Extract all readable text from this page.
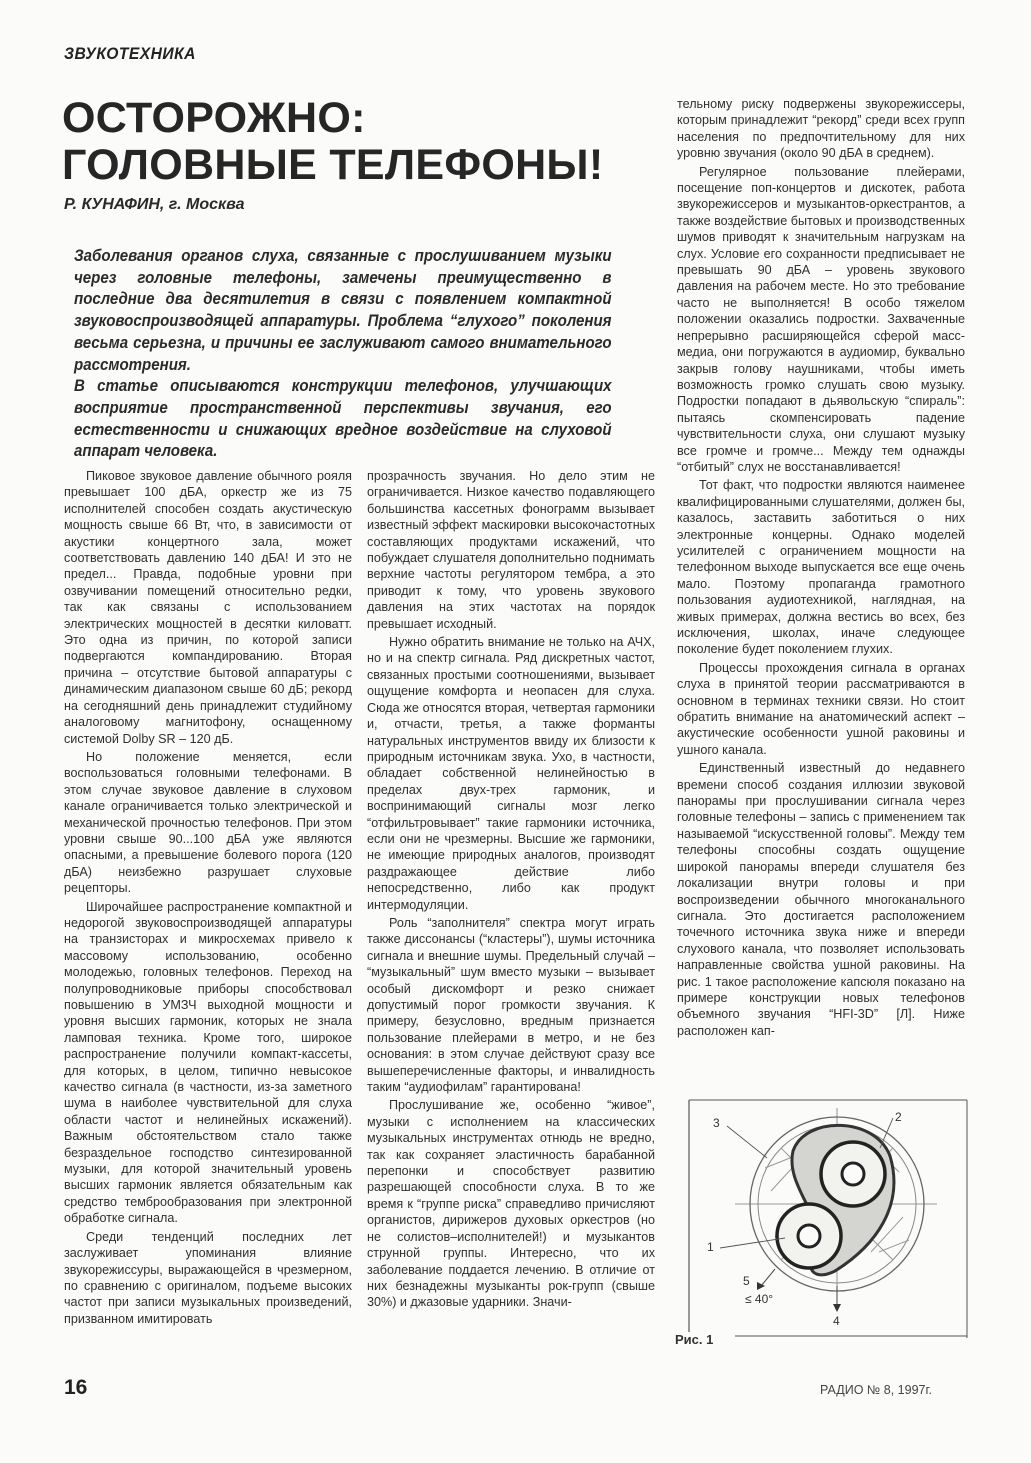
ЗВУКОТЕХНИКА
ОСТОРОЖНО:
ГОЛОВНЫЕ ТЕЛЕФОНЫ!
Р. КУНАФИН, г. Москва

Заболевания органов слуха, связанные с прослушиванием музыки через головные телефоны, замечены преимущественно в последние два десятилетия в связи с появлением компактной звуковоспроизводящей аппаратуры. Проблема “глухого” поколения весьма серьезна, и причины ее заслуживают самого внимательного рассмотрения.

В статье описываются конструкции телефонов, улучшающих восприятие пространственной перспективы звучания, его естественности и снижающих вредное воздействие на слуховой аппарат человека.

Пиковое звуковое давление обычного рояля превышает 100 дБА, оркестр же из 75 исполнителей способен создать акустическую мощность свыше 66 Вт, что, в зависимости от акустики концертного зала, может соответствовать давлению 140 дБА! И это не предел... Правда, подобные уровни при озвучивании помещений относительно редки, так как связаны с использованием электрических мощностей в десятки киловатт. Это одна из причин, по которой записи подвергаются компандированию. Вторая причина – отсутствие бытовой аппаратуры с динамическим диапазоном свыше 60 дБ; рекорд на сегодняшний день принадлежит студийному аналоговому магнитофону, оснащенному системой Dolby SR – 120 дБ.

Но положение меняется, если воспользоваться головными телефонами. В этом случае звуковое давление в слуховом канале ограничивается только электрической и механической прочностью телефонов. При этом уровни свыше 90...100 дБА уже являются опасными, а превышение болевого порога (120 дБА) неизбежно разрушает слуховые рецепторы.

Широчайшее распространение компактной и недорогой звуковоспроизводящей аппаратуры на транзисторах и микросхемах привело к массовому использованию, особенно молодежью, головных телефонов. Переход на полупроводниковые приборы способствовал повышению в УМЗЧ выходной мощности и уровня высших гармоник, которых не знала ламповая техника. Кроме того, широкое распространение получили компакт-кассеты, для которых, в целом, типично невысокое качество сигнала (в частности, из-за заметного шума в наиболее чувствительной для слуха области частот и нелинейных искажений). Важным обстоятельством стало также безраздельное господство синтезированной музыки, для которой значительный уровень высших гармоник является обязательным как средство темброобразования при электронной обработке сигнала.

Среди тенденций последних лет заслуживает упоминания влияние звукорежиссуры, выражающейся в чрезмерном, по сравнению с оригиналом, подъеме высоких частот при записи музыкальных произведений, призванном имитировать

прозрачность звучания. Но дело этим не ограничивается. Низкое качество подавляющего большинства кассетных фонограмм вызывает известный эффект маскировки высокочастотных составляющих продуктами искажений, что побуждает слушателя дополнительно поднимать верхние частоты регулятором тембра, а это приводит к тому, что уровень звукового давления на этих частотах на порядок превышает исходный.

Нужно обратить внимание не только на АЧХ, но и на спектр сигнала. Ряд дискретных частот, связанных простыми соотношениями, вызывает ощущение комфорта и неопасен для слуха. Сюда же относятся вторая, четвертая гармоники и, отчасти, третья, а также форманты натуральных инструментов ввиду их близости к природным источникам звука. Ухо, в частности, обладает собственной нелинейностью в пределах двух-трех гармоник, и воспринимающий сигналы мозг легко “отфильтровывает” такие гармоники источника, если они не чрезмерны. Высшие же гармоники, не имеющие природных аналогов, производят раздражающее действие либо непосредственно, либо как продукт интермодуляции.

Роль “заполнителя” спектра могут играть также диссонансы (“кластеры”), шумы источника сигнала и внешние шумы. Предельный случай – “музыкальный” шум вместо музыки – вызывает особый дискомфорт и резко снижает допустимый порог громкости звучания. К примеру, безусловно, вредным признается пользование плейерами в метро, и не без основания: в этом случае действуют сразу все вышеперечисленные факторы, и инвалидность таким “аудиофилам” гарантирована!

Прослушивание же, особенно “живое”, музыки с исполнением на классических музыкальных инструментах отнюдь не вредно, так как сохраняет эластичность барабанной перепонки и способствует развитию разрешающей способности слуха. В то же время к “группе риска” справедливо причисляют органистов, дирижеров духовых оркестров (но не солистов–исполнителей!) и музыкантов струнной группы. Интересно, что их заболевание поддается лечению. В отличие от них безнадежны музыканты рок-групп (свыше 30%) и джазовые ударники. Значи-

тельному риску подвержены звукорежиссеры, которым принадлежит “рекорд” среди всех групп населения по предпочтительному для них уровню звучания (около 90 дБА в среднем).

Регулярное пользование плейерами, посещение поп-концертов и дискотек, работа звукорежиссеров и музыкантов-оркестрантов, а также воздействие бытовых и производственных шумов приводят к значительным нагрузкам на слух. Условие его сохранности предписывает не превышать 90 дБА – уровень звукового давления на рабочем месте. Но это требование часто не выполняется! В особо тяжелом положении оказались подростки. Захваченные непрерывно расширяющейся сферой масс-медиа, они погружаются в аудиомир, буквально закрыв голову наушниками, чтобы иметь возможность громко слушать свою музыку. Подростки попадают в дьявольскую “спираль”: пытаясь скомпенсировать падение чувствительности слуха, они слушают музыку все громче и громче... Между тем однажды “отбитый” слух не восстанавливается!

Тот факт, что подростки являются наименее квалифицированными слушателями, должен бы, казалось, заставить заботиться о них электронные концерны. Однако моделей усилителей с ограничением мощности на телефонном выходе выпускается все еще очень мало. Поэтому пропаганда грамотного пользования аудиотехникой, наглядная, на живых примерах, должна вестись во всех, без исключения, школах, иначе следующее поколение будет поколением глухих.

Процессы прохождения сигнала в органах слуха в принятой теории рассматриваются в основном в терминах техники связи. Но стоит обратить внимание на анатомический аспект – акустические особенности ушной раковины и ушного канала.

Единственный известный до недавнего времени способ создания иллюзии звуковой панорамы при прослушивании сигнала через головные телефоны – запись с применением так называемой “искусственной головы”. Между тем телефоны способны создать ощущение широкой панорамы впереди слушателя без локализации внутри головы и при воспроизведении обычного многоканального сигнала. Это достигается расположением точечного источника звука ниже и впереди слухового канала, что позволяет использовать направленные свойства ушной раковины. На рис. 1 такое расположение капсюля показано на примере конструкции новых телефонов объемного звучания “HFI-3D” [Л]. Ниже расположен кап-

3	2
1
5
≤ 40°
4
Рис. 1
16	РАДИО № 8, 1997г.
